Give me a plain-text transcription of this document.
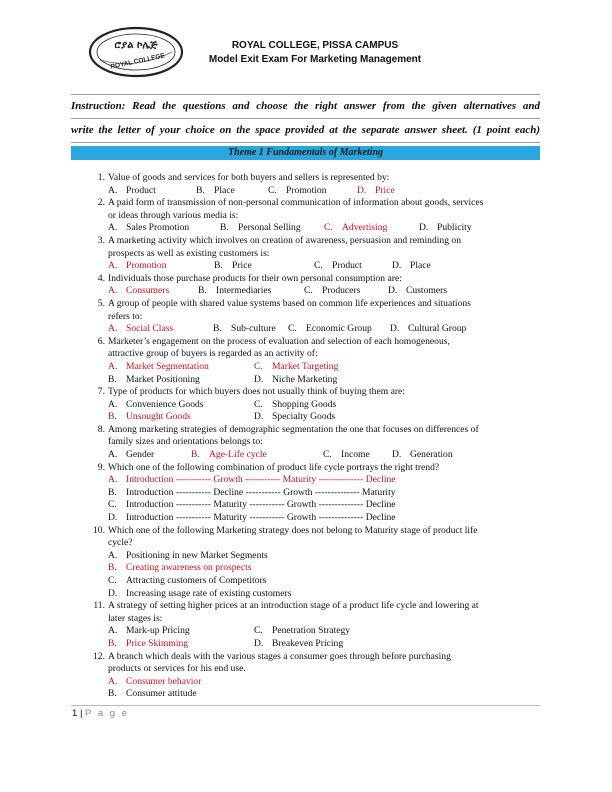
ሮያል ኮሌጅ
ROYAL COLLEGE
ROYAL COLLEGE, PISSA CAMPUS
Model Exit Exam For Marketing Management
Instruction: Read the questions and choose the right answer from the given alternatives and
write the letter of your choice on the space provided at the separate answer sheet. (1 point each)
Theme 1 Fundamentals of Marketing
1. Value of goods and services for both buyers and sellers is represented by:
A. Product	B. Place	C. Promotion	D. Price
2. A paid form of transmission of non-personal communication of information about goods, services
or ideas through various media is:
A. Sales Promotion	B. Personal Selling C. Advertising	D. Publicity
3. A marketing activity which involves on creation of awareness, persuasion and reminding on
prospects as well as existing customers is:
A. Promotion	B. Price	C. Product	D. Place
4. Individuals those purchase products for their own personal consumption are:
A. Consumers	B. Intermediaries	C. Producers	D. Customers
5. A group of people with shared value systems based on common life experiences and situations
refers to:
A. Social Class	B. Sub-culture C. Economic Group D. Cultural Group
6. Marketer’s engagement on the process of evaluation and selection of each homogeneous,
attractive group of buyers is regarded as an activity of:
A. Market Segmentation	C. Market Targeting
B. Market Positioning	D. Niche Marketing
7. Type of products for which buyers does not usually think of buying them are:
A. Convenience Goods	C. Shopping Goods
B. Unsought Goods	D. Specialty Goods
8. Among marketing strategies of demographic segmentation the one that focuses on differences of
family sizes and orientations belongs to:
A. Gender	B. Age-Life cycle	C. Income D. Generation
9. Which one of the following combination of product life cycle portrays the right trend?
A. Introduction ----------- Growth ----------- Maturity -------------- Decline
B. Introduction ----------- Decline ----------- Growth -------------- Maturity
C. Introduction ----------- Maturity ----------- Growth -------------- Decline
D. Introduction ----------- Maturity ----------- Growth -------------- Decline
10. Which one of the following Marketing strategy does not belong to Maturity stage of product life
cycle?
A. Positioning in new Market Segments
B. Creating awareness on prospects
C. Attracting customers of Competitors
D. Increasing usage rate of existing customers
11. A strategy of setting higher prices at an introduction stage of a product life cycle and lowering at
later stages is:
A. Mark-up Pricing	C. Penetration Strategy
B. Price Skimming	D. Breakeven Pricing
12. A branch which deals with the various stages a consumer goes through before purchasing
products or services for his end use.
A. Consumer behavior
B. Consumer attitude
1 | P a g e
